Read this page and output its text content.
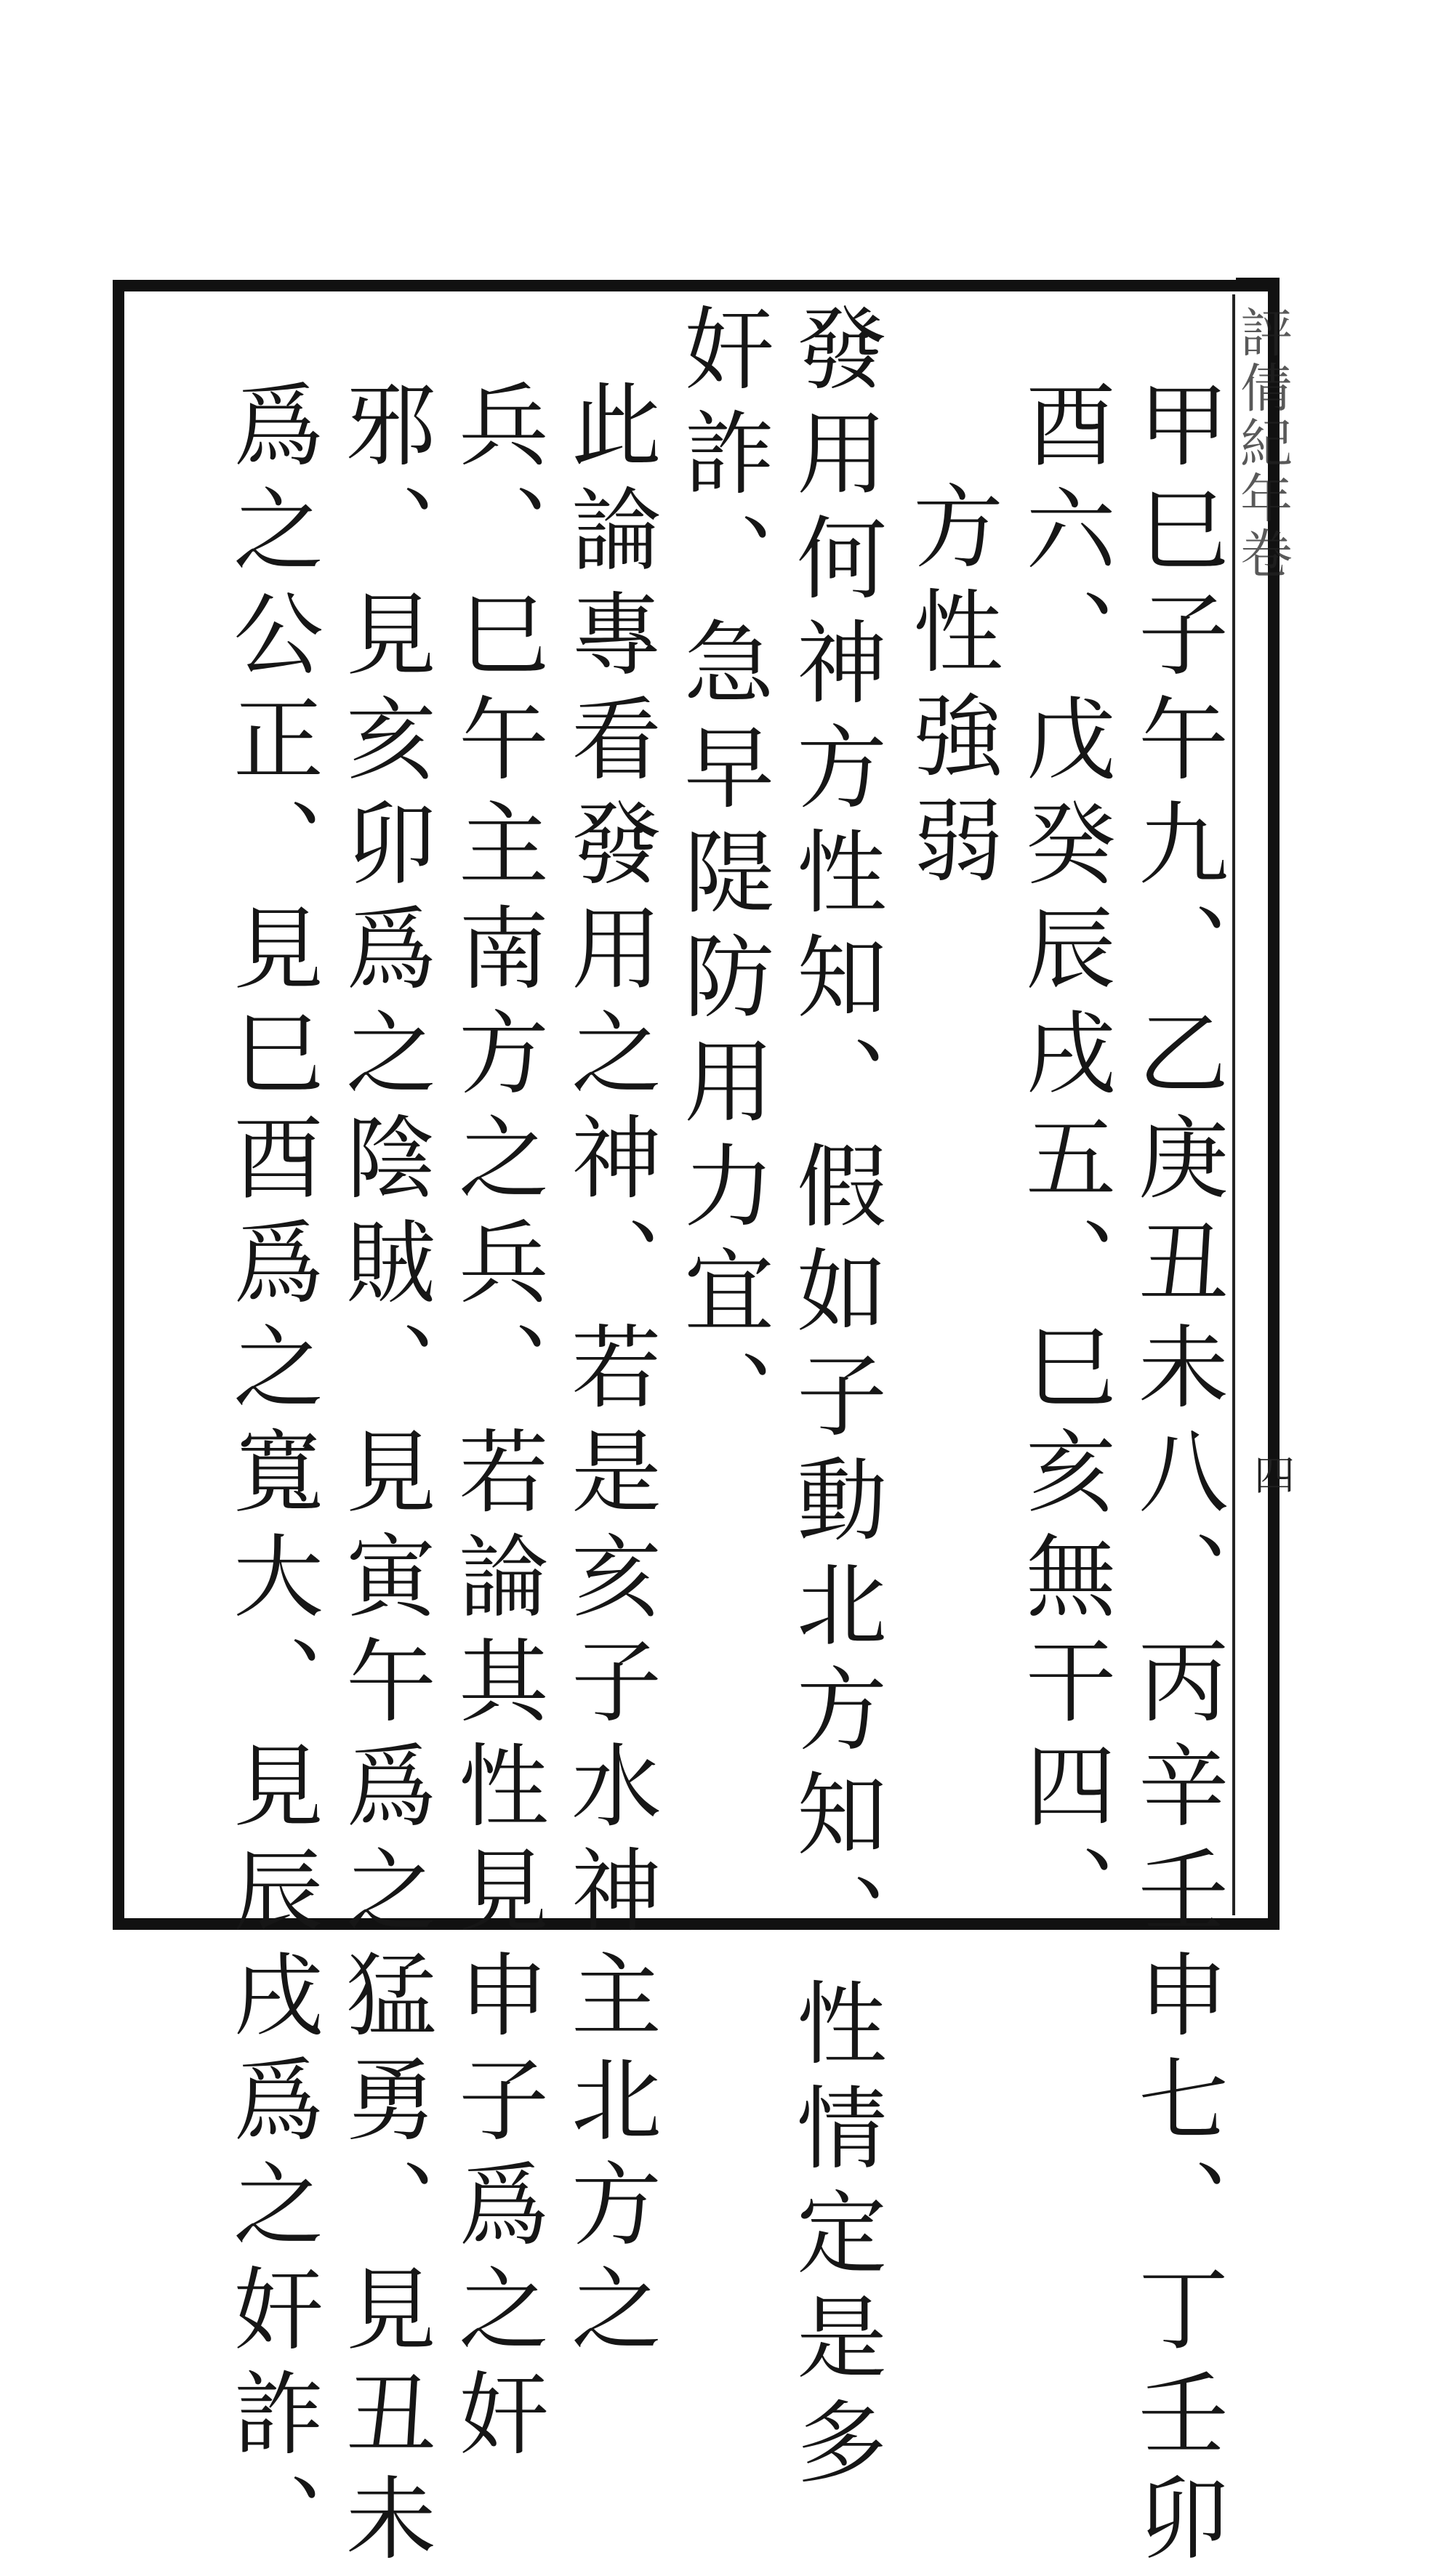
評倩紀年卷
四
甲巳子午九、乙庚丑未八、丙辛壬申七、丁壬卯
酉六、戊癸辰戌五、巳亥無干四、
方性強弱
發用何神方性知、假如子動北方知、性情定是多
奸詐、急早隄防用力宜、
此論專看發用之神、若是亥子水神主北方之
兵、巳午主南方之兵、若論其性見申子爲之奸
邪、見亥卯爲之陰賊、見寅午爲之猛勇、見丑未
爲之公正、見巳酉爲之寬大、見辰戌爲之奸詐、
